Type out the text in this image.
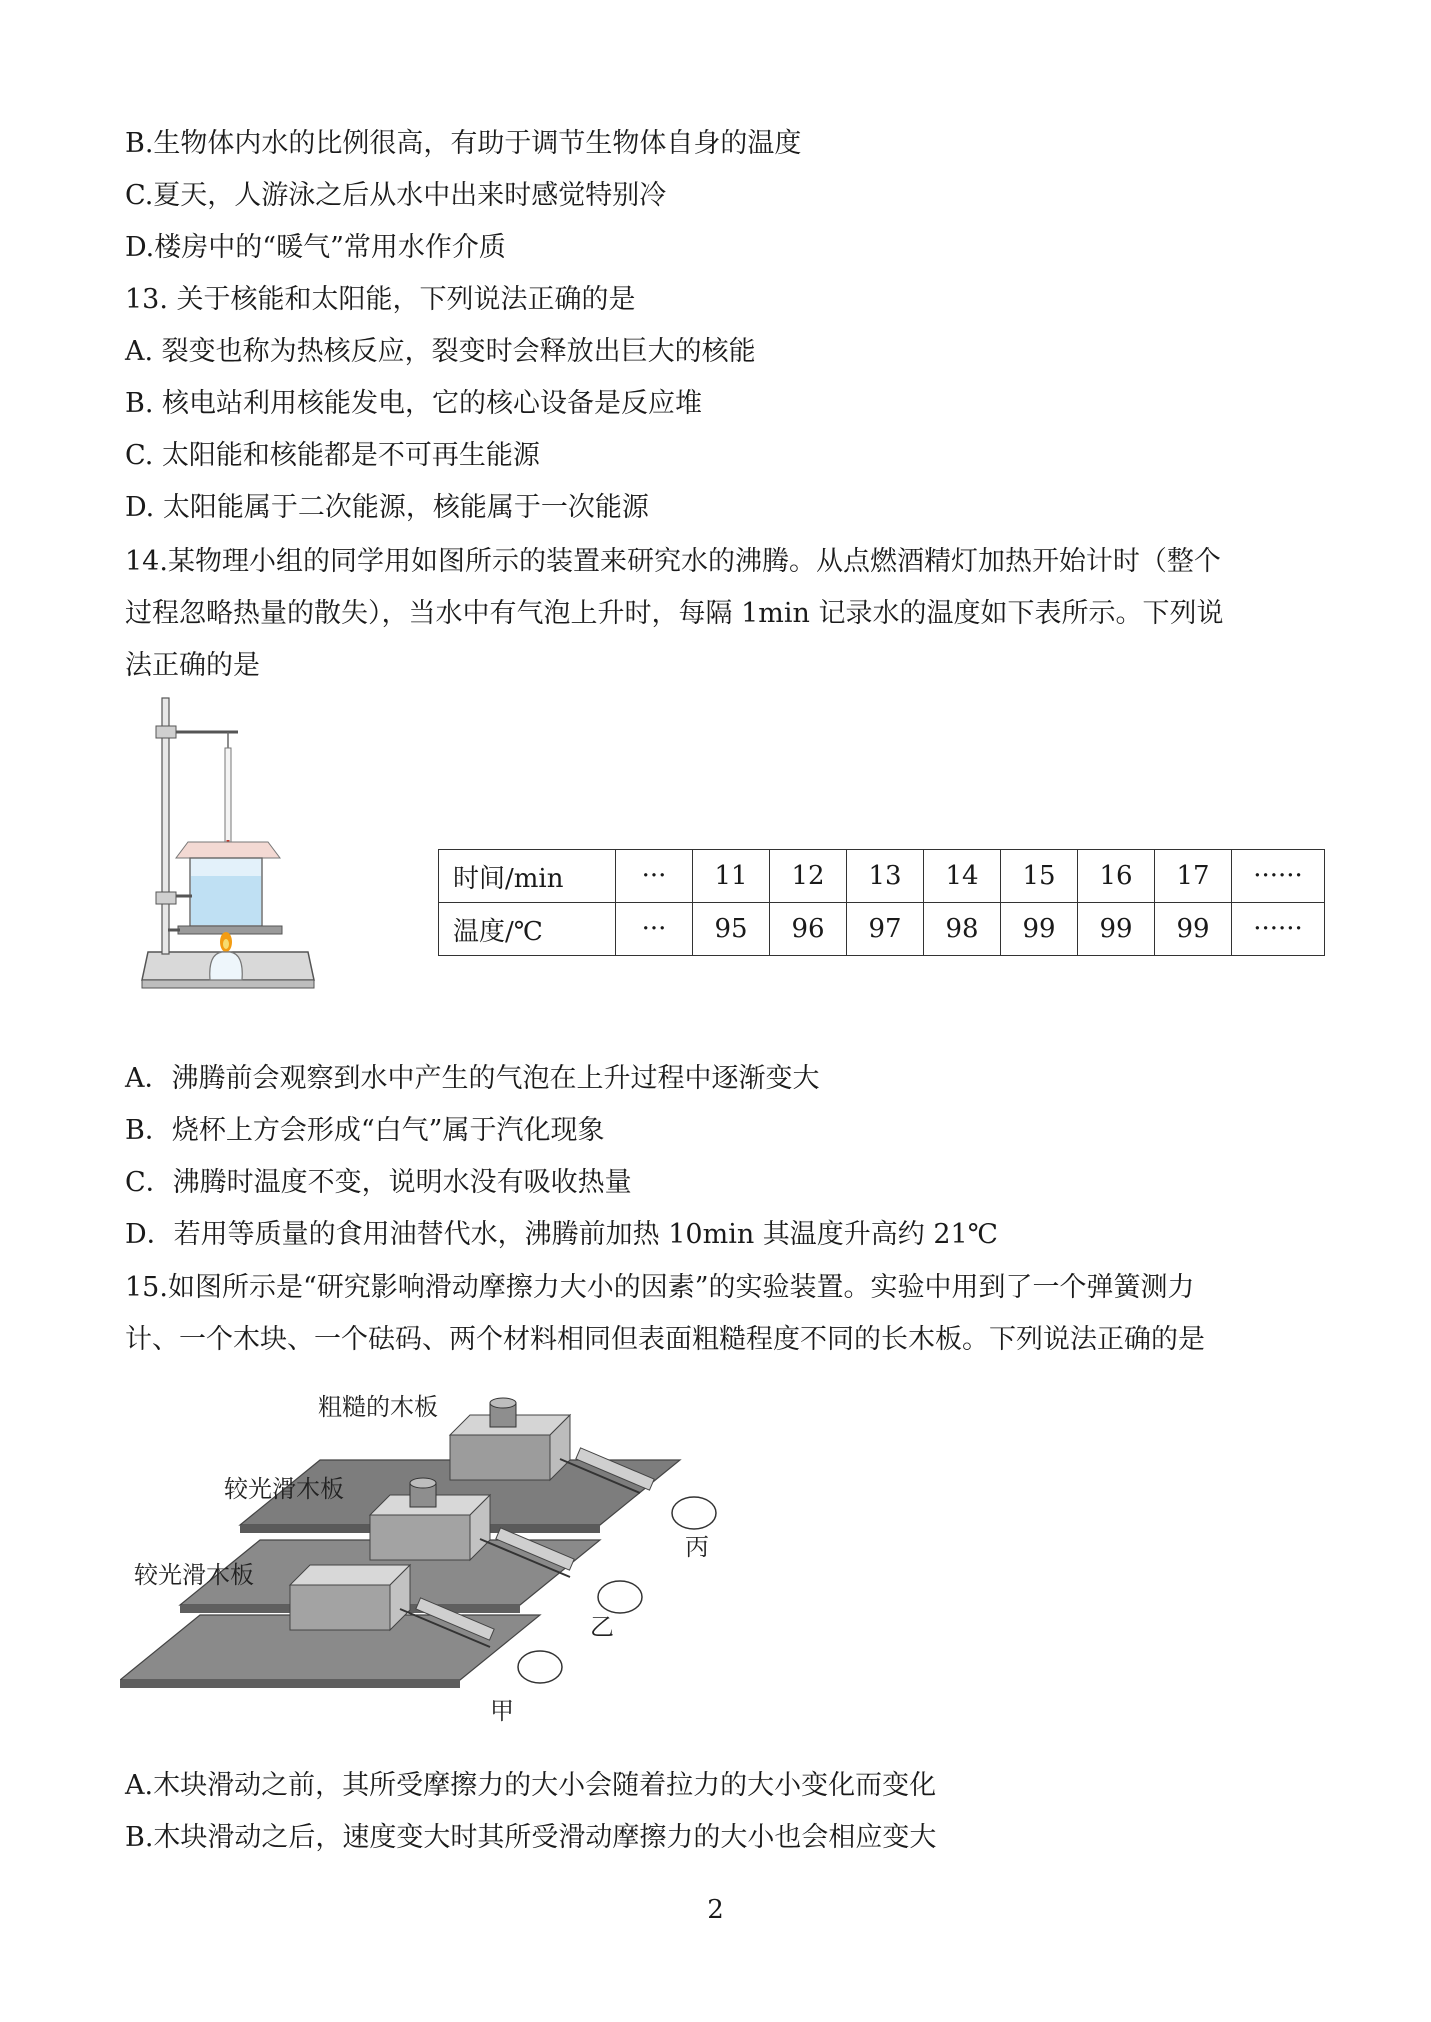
B.生物体内水的比例很高，有助于调节生物体自身的温度
C.夏天，人游泳之后从水中出来时感觉特别冷
D.楼房中的“暖气”常用水作介质
13. 关于核能和太阳能，下列说法正确的是
A. 裂变也称为热核反应，裂变时会释放出巨大的核能
B. 核电站利用核能发电，它的核心设备是反应堆
C. 太阳能和核能都是不可再生能源
D. 太阳能属于二次能源，核能属于一次能源
14.某物理小组的同学用如图所示的装置来研究水的沸腾。从点燃酒精灯加热开始计时（整个
过程忽略热量的散失），当水中有气泡上升时，每隔 1min 记录水的温度如下表所示。下列说
法正确的是
时间/min	···	11	12	13	14	15	16	17	······
温度/℃	···	95	96	97	98	99	99	99	······
A．沸腾前会观察到水中产生的气泡在上升过程中逐渐变大
B．烧杯上方会形成“白气”属于汽化现象
C．沸腾时温度不变，说明水没有吸收热量
D．若用等质量的食用油替代水，沸腾前加热 10min 其温度升高约 21℃
15.如图所示是“研究影响滑动摩擦力大小的因素”的实验装置。实验中用到了一个弹簧测力
计、一个木块、一个砝码、两个材料相同但表面粗糙程度不同的长木板。下列说法正确的是
粗糙的木板
较光滑木板
较光滑木板
丙
乙
甲
A.木块滑动之前，其所受摩擦力的大小会随着拉力的大小变化而变化
B.木块滑动之后，速度变大时其所受滑动摩擦力的大小也会相应变大
2
